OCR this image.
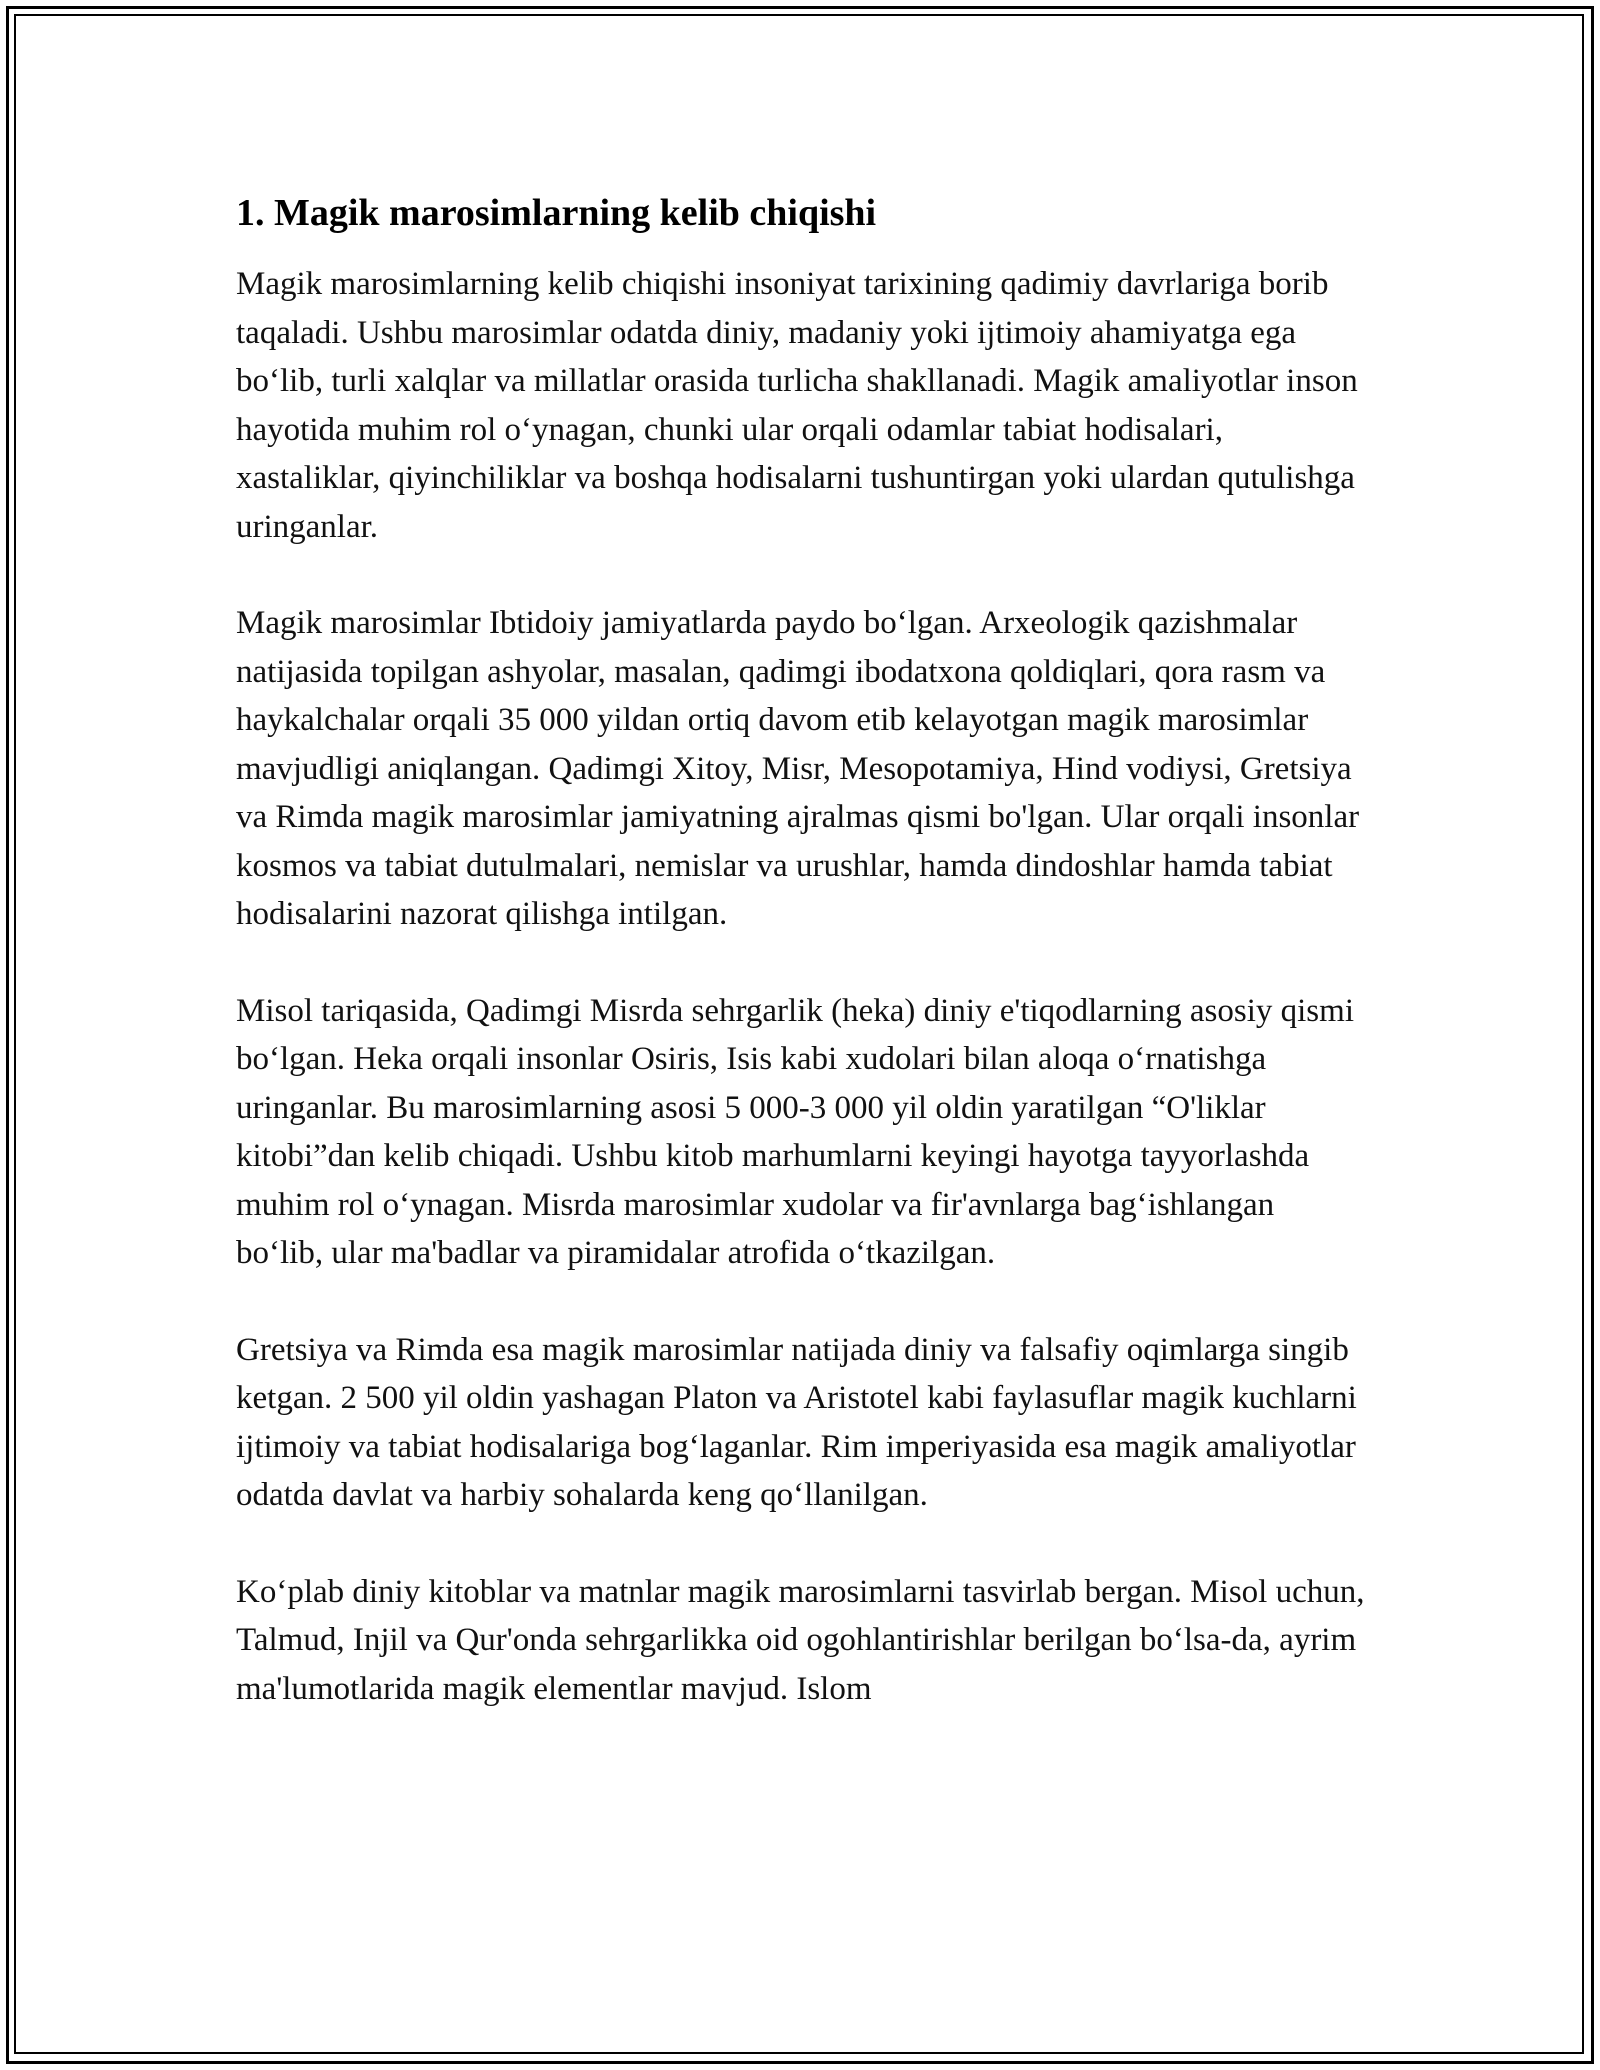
1. Magik marosimlarning kelib chiqishi

Magik marosimlarning kelib chiqishi insoniyat tarixining qadimiy davrlariga borib taqaladi. Ushbu marosimlar odatda diniy, madaniy yoki ijtimoiy ahamiyatga ega bo‘lib, turli xalqlar va millatlar orasida turlicha shakllanadi. Magik amaliyotlar inson hayotida muhim rol o‘ynagan, chunki ular orqali odamlar tabiat hodisalari, xastaliklar, qiyinchiliklar va boshqa hodisalarni tushuntirgan yoki ulardan qutulishga uringanlar.

Magik marosimlar Ibtidoiy jamiyatlarda paydo bo‘lgan. Arxeologik qazishmalar natijasida topilgan ashyolar, masalan, qadimgi ibodatxona qoldiqlari, qora rasm va haykalchalar orqali 35 000 yildan ortiq davom etib kelayotgan magik marosimlar mavjudligi aniqlangan. Qadimgi Xitoy, Misr, Mesopotamiya, Hind vodiysi, Gretsiya va Rimda magik marosimlar jamiyatning ajralmas qismi bo'lgan. Ular orqali insonlar kosmos va tabiat dutulmalari, nemislar va urushlar, hamda dindoshlar hamda tabiat hodisalarini nazorat qilishga intilgan.

Misol tariqasida, Qadimgi Misrda sehrgarlik (heka) diniy e'tiqodlarning asosiy qismi bo‘lgan. Heka orqali insonlar Osiris, Isis kabi xudolari bilan aloqa o‘rnatishga uringanlar. Bu marosimlarning asosi 5 000-3 000 yil oldin yaratilgan “O'liklar kitobi”dan kelib chiqadi. Ushbu kitob marhumlarni keyingi hayotga tayyorlashda muhim rol o‘ynagan. Misrda marosimlar xudolar va fir'avnlarga bag‘ishlangan bo‘lib, ular ma'badlar va piramidalar atrofida o‘tkazilgan.

Gretsiya va Rimda esa magik marosimlar natijada diniy va falsafiy oqimlarga singib ketgan. 2 500 yil oldin yashagan Platon va Aristotel kabi faylasuflar magik kuchlarni ijtimoiy va tabiat hodisalariga bog‘laganlar. Rim imperiyasida esa magik amaliyotlar odatda davlat va harbiy sohalarda keng qo‘llanilgan.

Ko‘plab diniy kitoblar va matnlar magik marosimlarni tasvirlab bergan. Misol uchun, Talmud, Injil va Qur'onda sehrgarlikka oid ogohlantirishlar berilgan bo‘lsa-da, ayrim ma'lumotlarida magik elementlar mavjud. Islom
